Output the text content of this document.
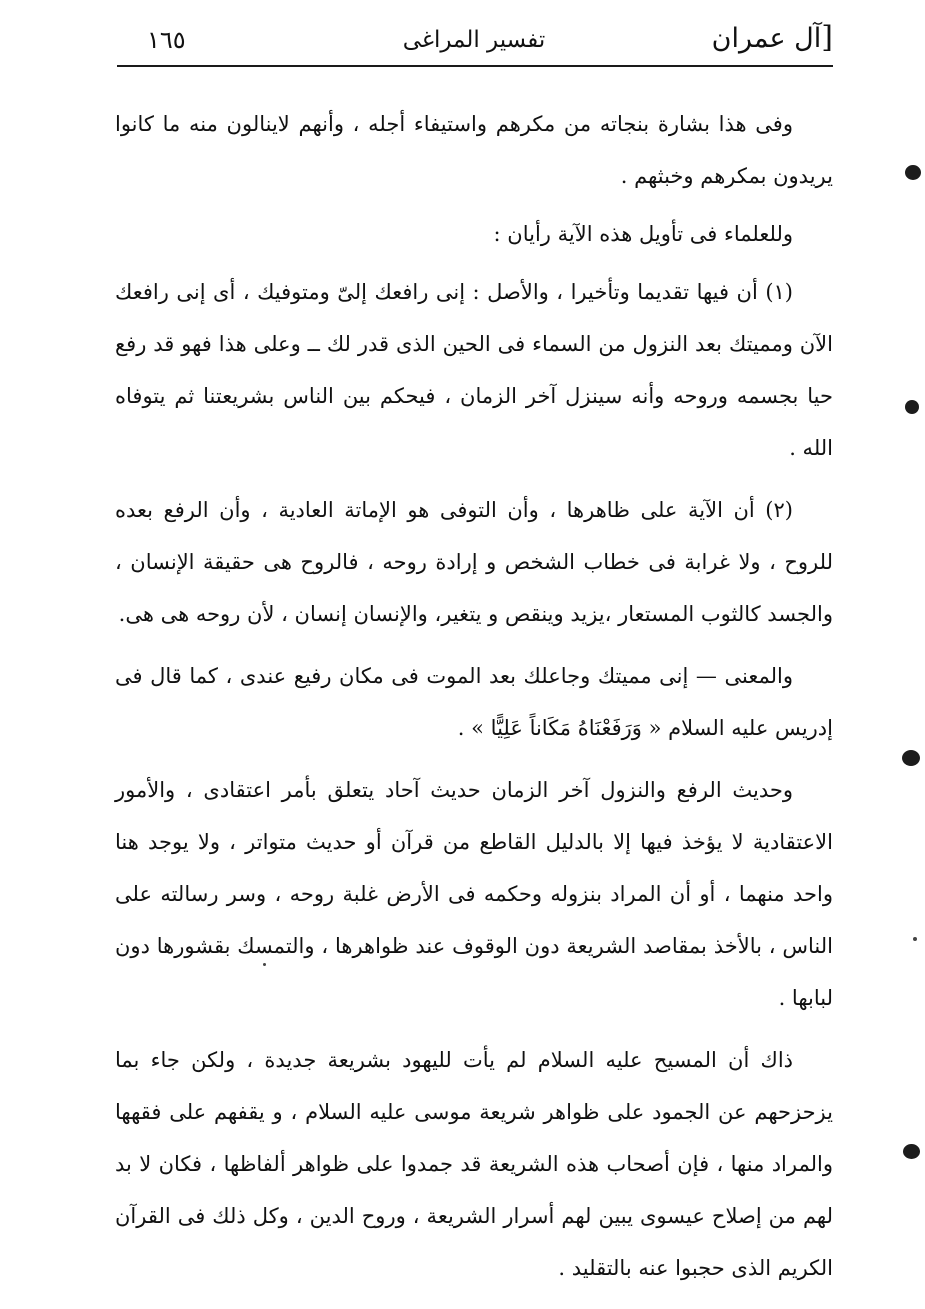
[آل عمران
تفسير المراغى
١٦٥

وفى هذا بشارة بنجاته من مكرهم واستيفاء أجله ، وأنهم لاينالون منه ما كانوا يريدون بمكرهم وخبثهم .

وللعلماء فى تأويل هذه الآية رأيان :

(١) أن فيها تقديما وتأخيرا ، والأصل : إنى رافعك إلىّ ومتوفيك ، أى إنى رافعك الآن ومميتك بعد النزول من السماء فى الحين الذى قدر لك ــ وعلى هذا فهو قد رفع حيا بجسمه وروحه وأنه سينزل آخر الزمان ، فيحكم بين الناس بشريعتنا ثم يتوفاه الله .

(٢) أن الآية على ظاهرها ، وأن التوفى هو الإماتة العادية ، وأن الرفع بعده للروح ، ولا غرابة فى خطاب الشخص و إرادة روحه ، فالروح هى حقيقة الإنسان ، والجسد كالثوب المستعار ،يزيد وينقص و يتغير، والإنسان إنسان ، لأن روحه هى هى.

والمعنى — إنى مميتك وجاعلك بعد الموت فى مكان رفيع عندى ، كما قال فى إدريس عليه السلام « وَرَفَعْنَاهُ مَكَاناً عَلِيًّا » .

وحديث الرفع والنزول آخر الزمان حديث آحاد يتعلق بأمر اعتقادى ، والأمور الاعتقادية لا يؤخذ فيها إلا بالدليل القاطع من قرآن أو حديث متواتر ، ولا يوجد هنا واحد منهما ، أو أن المراد بنزوله وحكمه فى الأرض غلبة روحه ، وسر رسالته على الناس ، بالأخذ بمقاصد الشريعة دون الوقوف عند ظواهرها ، والتمسك بقشورها دون لبابها .

ذاك أن المسيح عليه السلام لم يأت لليهود بشريعة جديدة ، ولكن جاء بما يزحزحهم عن الجمود على ظواهر شريعة موسى عليه السلام ، و يقفهم على فقهها والمراد منها ، فإن أصحاب هذه الشريعة قد جمدوا على ظواهر ألفاظها ، فكان لا بد لهم من إصلاح عيسوى يبين لهم أسرار الشريعة ، وروح الدين ، وكل ذلك فى القرآن الكريم الذى حجبوا عنه بالتقليد .
